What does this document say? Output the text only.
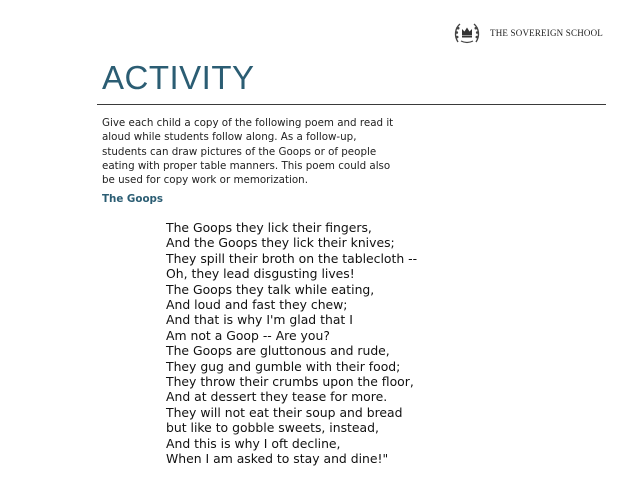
THE SOVEREIGN SCHOOL
ACTIVITY
Give each child a copy of the following poem and read it
aloud while students follow along. As a follow-up,
students can draw pictures of the Goops or of people
eating with proper table manners. This poem could also
be used for copy work or memorization.
The Goops
The Goops they lick their fingers,
And the Goops they lick their knives;
They spill their broth on the tablecloth --
Oh, they lead disgusting lives!
The Goops they talk while eating,
And loud and fast they chew;
And that is why I'm glad that I
Am not a Goop -- Are you?
The Goops are gluttonous and rude,
They gug and gumble with their food;
They throw their crumbs upon the floor,
And at dessert they tease for more.
They will not eat their soup and bread
but like to gobble sweets, instead,
And this is why I oft decline,
When I am asked to stay and dine!"
